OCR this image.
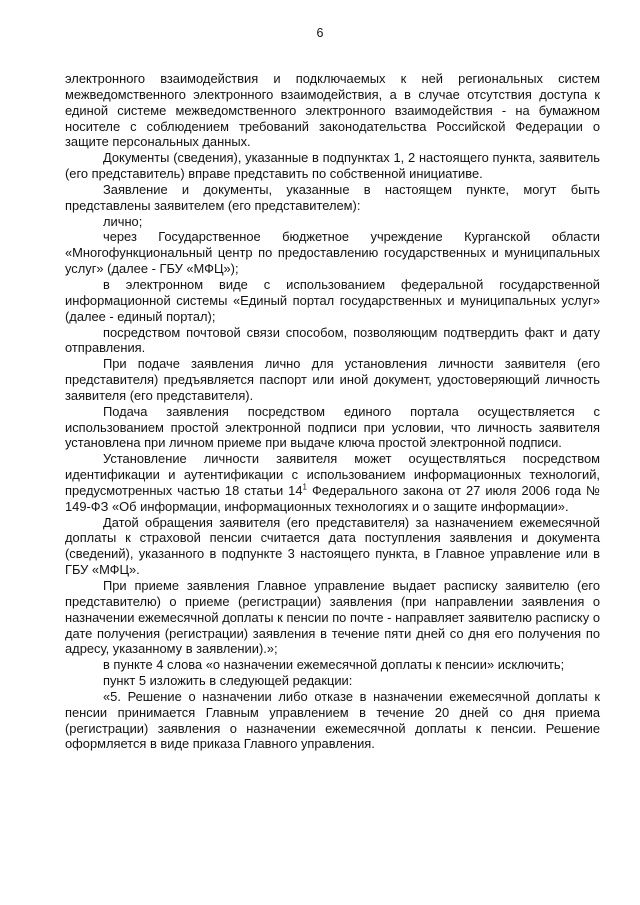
6

электронного взаимодействия и подключаемых к ней региональных систем межведомственного электронного взаимодействия, а в случае отсутствия доступа к единой системе межведомственного электронного взаимодействия - на бумажном носителе с соблюдением требований законодательства Российской Федерации о защите персональных данных.

Документы (сведения), указанные в подпунктах 1, 2 настоящего пункта, заявитель (его представитель) вправе представить по собственной инициативе.

Заявление и документы, указанные в настоящем пункте, могут быть представлены заявителем (его представителем):

лично;

через Государственное бюджетное учреждение Курганской области «Многофункциональный центр по предоставлению государственных и муниципальных услуг» (далее - ГБУ «МФЦ»);

в электронном виде с использованием федеральной государственной информационной системы «Единый портал государственных и муниципальных услуг» (далее - единый портал);

посредством почтовой связи способом, позволяющим подтвердить факт и дату отправления.

При подаче заявления лично для установления личности заявителя (его представителя) предъявляется паспорт или иной документ, удостоверяющий личность заявителя (его представителя).

Подача заявления посредством единого портала осуществляется с использованием простой электронной подписи при условии, что личность заявителя установлена при личном приеме при выдаче ключа простой электронной подписи.

Установление личности заявителя может осуществляться посредством идентификации и аутентификации с использованием информационных технологий, предусмотренных частью 18 статьи $14^1$ Федерального закона от 27 июля 2006 года № 149-ФЗ «Об информации, информационных технологиях и о защите информации».

Датой обращения заявителя (его представителя) за назначением ежемесячной доплаты к страховой пенсии считается дата поступления заявления и документа (сведений), указанного в подпункте 3 настоящего пункта, в Главное управление или в ГБУ «МФЦ».

При приеме заявления Главное управление выдает расписку заявителю (его представителю) о приеме (регистрации) заявления (при направлении заявления о назначении ежемесячной доплаты к пенсии по почте - направляет заявителю расписку о дате получения (регистрации) заявления в течение пяти дней со дня его получения по адресу, указанному в заявлении).»;

в пункте 4 слова «о назначении ежемесячной доплаты к пенсии» исключить;

пункт 5 изложить в следующей редакции:

«5. Решение о назначении либо отказе в назначении ежемесячной доплаты к пенсии принимается Главным управлением в течение 20 дней со дня приема (регистрации) заявления о назначении ежемесячной доплаты к пенсии. Решение оформляется в виде приказа Главного управления.
